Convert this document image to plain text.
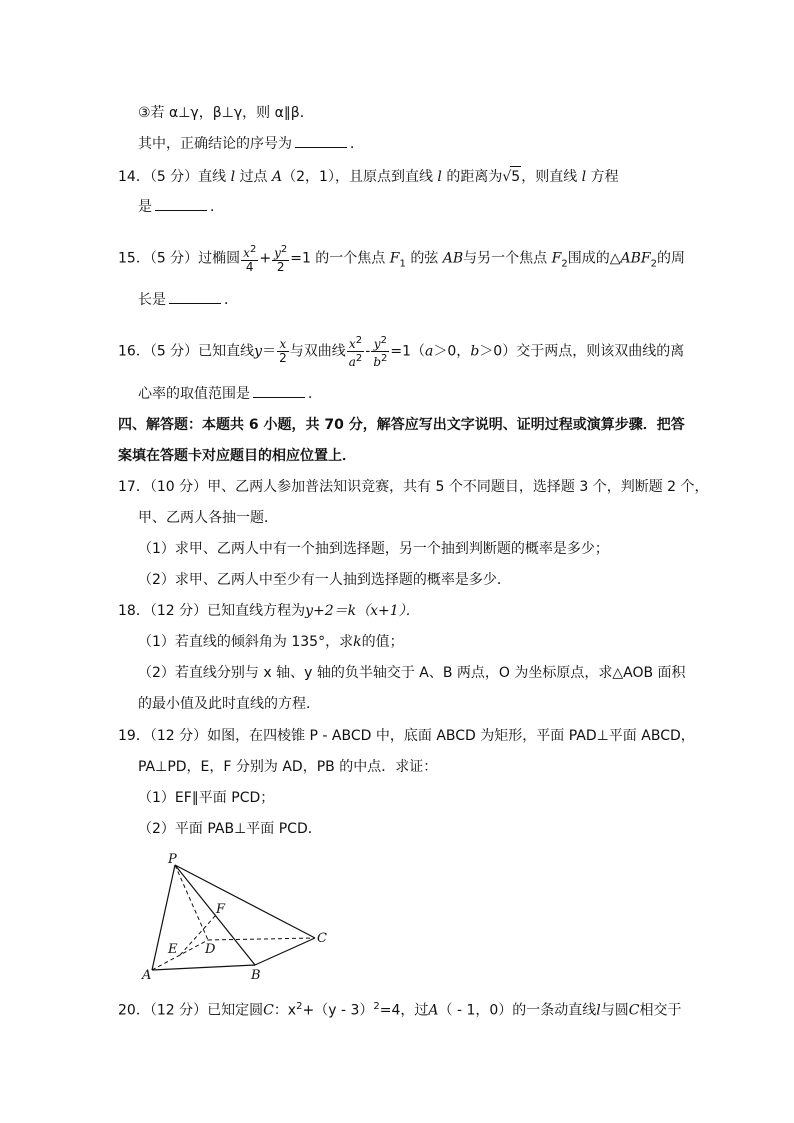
③若 α⊥γ，β⊥γ，则 α∥β．
其中，正确结论的序号为	．
14．（5 分）直线 l 过点 A（2，1），且原点到直线 l 的距离为√5，则直线 l 方程
是	．
15．（5 分）过椭圆 $\frac{x^2}{4} + \frac{y^2}{2} =1$ 的一个焦点 $F_1$ 的弦 AB与另一个焦点 $F_2$围成的$\triangle ABF_2$的周
长是	．
16．（5 分）已知直线$y= \frac{x}{2}$ 与双曲线 $\frac{x^2}{a^2} - \frac{y^2}{b^2} =1(a>0$，b＞0）交于两点，则该双曲线的离
心率的取值范围是	．
四、解答题：本题共 6 小题，共 70 分，解答应写出文字说明、证明过程或演算步骤．把答
案填在答题卡对应题目的相应位置上．
17．（10 分）甲、乙两人参加普法知识竞赛，共有 5 个不同题目，选择题 3 个，判断题 2 个，
甲、乙两人各抽一题．
（1）求甲、乙两人中有一个抽到选择题，另一个抽到判断题的概率是多少；
（2）求甲、乙两人中至少有一人抽到选择题的概率是多少．
18．（12 分）已知直线方程为y+2＝k（x+1）．
（1）若直线的倾斜角为 135°，求k的值；
（2）若直线分别与 x 轴、y 轴的负半轴交于 A、B 两点，O 为坐标原点，求△AOB 面积
的最小值及此时直线的方程．
19．（12 分）如图，在四棱锥 P - ABCD 中，底面 ABCD 为矩形，平面 PAD⊥平面 ABCD，
PA⊥PD，E，F 分别为 AD，PB 的中点．求证：
（1）EF∥平面 PCD；
（2）平面 PAB⊥平面 PCD．
P
F
C
E D
A	B
20．（12 分）已知定圆C：$x^2+(y - 3)^2=4$，过A（ - 1，0）的一条动直线l与圆C相交于
